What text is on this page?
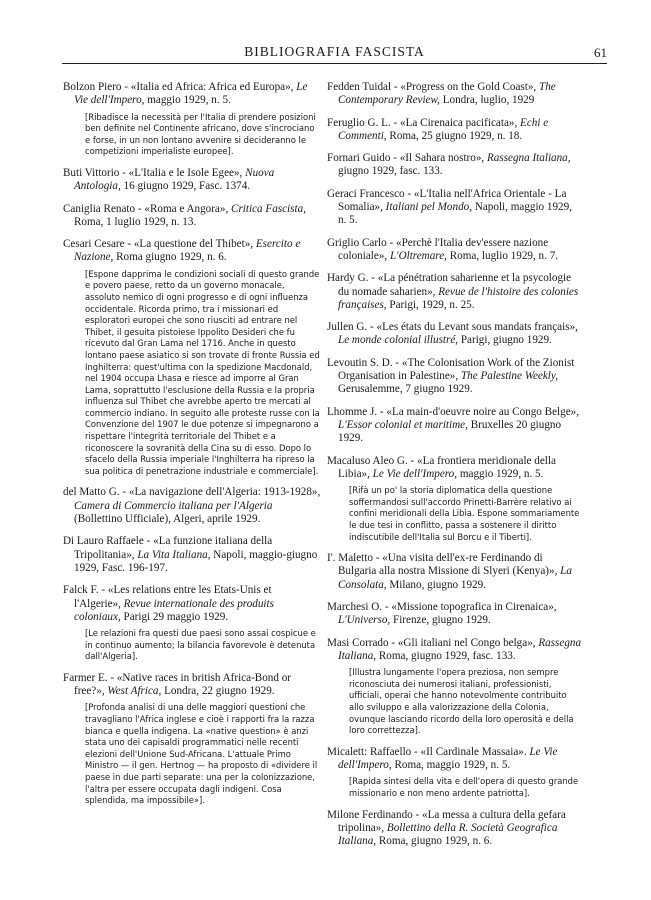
BIBLIOGRAFIA FASCISTA	61
Bolzon Piero - «Italia ed Africa: Africa ed Europa», Le Vie dell'Impero, maggio 1929, n. 5.
[Ribadisce la necessità per l'Italia di prendere posizioni ben definite nel Continente africano, dove s'incrociano e forse, in un non lontano avvenire si decideranno le competizioni imperialiste europee].
Buti Vittorio - «L'Italia e le Isole Egee», Nuova Antologia, 16 giugno 1929, Fasc. 1374.
Caniglia Renato - «Roma e Angora», Critica Fascista, Roma, 1 luglio 1929, n. 13.
Cesari Cesare - «La questione del Thibet», Esercito e Nazione, Roma giugno 1929, n. 6.
[Espone dapprima le condizioni sociali di questo grande e povero paese, retto da un governo monacale, assoluto nemico di ogni progresso e di ogni influenza occidentale. Ricorda primo, tra i missionari ed esploratori europei che sono riusciti ad entrare nel Thibet, il gesuita pistoiese Ippolito Desideri che fu ricevuto dal Gran Lama nel 1716. Anche in questo lontano paese asiatico si son trovate di fronte Russia ed Inghilterra: quest'ultima con la spedizione Macdonald, nel 1904 occupa Lhasa e riesce ad imporre al Gran Lama, soprattutto l'esclusione della Russia e la propria influenza sul Thibet che avrebbe aperto tre mercati al commercio indiano. In seguito alle proteste russe con la Convenzione del 1907 le due potenze si impegnarono a rispettare l'integrità territoriale del Thibet e a riconoscere la sovranità della Cina su di esso. Dopo lo sfacelo della Russia imperiale l'Inghilterra ha ripreso la sua politica di penetrazione industriale e commerciale].
del Matto G. - «La navigazione dell'Algeria: 1913-1928», Camera di Commercio italiana per l'Algeria (Bollettino Ufficiale), Algeri, aprile 1929.
Di Lauro Raffaele - «La funzione italiana della Tripolitania», La Vita Italiana, Napoli, maggio-giugno 1929, Fasc. 196-197.
Falck F. - «Les relations entre les Etats-Unis et l'Algerie», Revue internationale des produits coloniaux, Parigi 29 maggio 1929.
[Le relazioni fra questi due paesi sono assai cospicue e in continuo aumento; la bilancia favorevole è detenuta dall'Algeria].
Farmer E. - «Native races in british Africa-Bond or free?», West Africa, Londra, 22 giugno 1929.
[Profonda analisi di una delle maggiori questioni che travagliano l'Africa inglese e cioè i rapporti fra la razza bianca e quella indigena. La «native question» è anzi stata uno dei capisaldi programmatici nelle recenti elezioni dell'Unione Sud-Africana. L'attuale Primo Ministro — il gen. Hertnog — ha proposto di «dividere il paese in due parti separate: una per la colonizzazione, l'altra per essere occupata dagli indigeni. Cosa splendida, ma impossibile»].
Fedden Tuidal - «Progress on the Gold Coast», The Contemporary Review, Londra, luglio, 1929
Feruglio G. L. - «La Cirenaica pacificata», Echi e Commenti, Roma, 25 giugno 1929, n. 18.
Fornari Guido - «Il Sahara nostro», Rassegna Italiana, giugno 1929, fasc. 133.
Geraci Francesco - «L'Italia nell'Africa Orientale - La Somalia», Italiani pel Mondo, Napoli, maggio 1929, n. 5.
Griglio Carlo - «Perchè l'Italia dev'essere nazione coloniale», L'Oltremare, Roma, luglio 1929, n. 7.
Hardy G. - «La pénétration saharienne et la psycologie du nomade saharien», Revue de l'histoire des colonies françaises, Parigi, 1929, n. 25.
Jullen G. - «Les états du Levant sous mandats français», Le monde colonial illustré, Parigi, giugno 1929.
Levoutin S. D. - «The Colonisation Work of the Zionist Organisation in Palestine», The Palestine Weekly, Gerusalemme, 7 giugno 1929.
Lhomme J. - «La main-d'oeuvre noire au Congo Belge», L'Essor colonial et maritime, Bruxelles 20 giugno 1929.
Macaluso Aleo G. - «La frontiera meridionale della Libia», Le Vie dell'Impero, maggio 1929, n. 5.
[Rifà un po' la storia diplomatica della questione soffermandosi sull'accordo Prinetti-Barrère relativo ai confini meridionali della Libia. Espone sommariamente le due tesi in conflitto, passa a sostenere il diritto indiscutibile dell'Italia sul Borcu e il Tiberti].
I'. Maletto - «Una visita dell'ex-re Ferdinando di Bulgaria alla nostra Missione di Slyeri (Kenya)», La Consolata, Milano, giugno 1929.
Marchesi O. - «Missione topografica in Cirenaica», L'Universo, Firenze, giugno 1929.
Masi Corrado - «Gli italiani nel Congo belga», Rassegna Italiana, Roma, giugno 1929, fasc. 133.
[Illustra lungamente l'opera preziosa, non sempre riconosciuta dei numerosi italiani, professionisti, ufficiali, operai che hanno notevolmente contribuito allo sviluppo e alla valorizzazione della Colonia, ovunque lasciando ricordo della loro operosità e della loro correttezza].
Micalett: Raffaello - «Il Cardinale Massaia». Le Vie dell'Impero, Roma, maggio 1929, n. 5.
[Rapida sintesi della vita e dell'opera di questo grande missionario e non meno ardente patriotta].
Milone Ferdinando - «La messa a cultura della gefara tripolina», Bollettino della R. Società Geografica Italiana, Roma, giugno 1929, n. 6.
